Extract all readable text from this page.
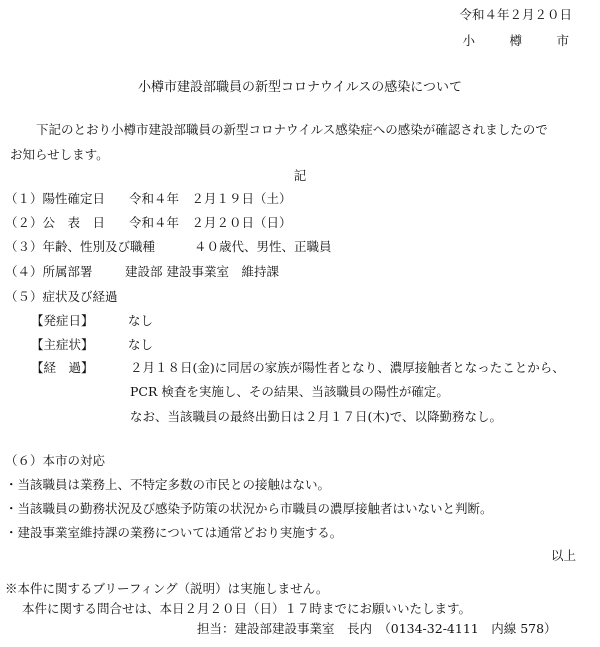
令和４年２月２０日
小　樽　市
小樽市建設部職員の新型コロナウイルスの感染について
下記のとおり小樽市建設部職員の新型コロナウイルス感染症への感染が確認されましたので
お知らせします。
記
（１）陽性確定日 令和４年　２月１９日（土）
（２）公　表　日 令和４年　２月２０日（日）
（３）年齢、性別及び職種	４０歳代、男性、正職員
（４）所属部署	建設部 建設事業室　維持課
（５）症状及び経過
【発症日】	なし
【主症状】	なし
【経　過】	２月１８日(金)に同居の家族が陽性者となり、濃厚接触者となったことから、
PCR 検査を実施し、その結果、当該職員の陽性が確定。
なお、当該職員の最終出勤日は２月１７日(木)で、以降勤務なし。
（６）本市の対応
・当該職員は業務上、不特定多数の市民との接触はない。
・当該職員の勤務状況及び感染予防策の状況から市職員の濃厚接触者はいないと判断。
・建設事業室維持課の業務については通常どおり実施する。
以上
※本件に関するブリーフィング（説明）は実施しません。
本件に関する問合せは、本日２月２０日（日）１７時までにお願いいたします。
担当：建設部建設事業室　長内　（0134-32-4111　内線 578）
